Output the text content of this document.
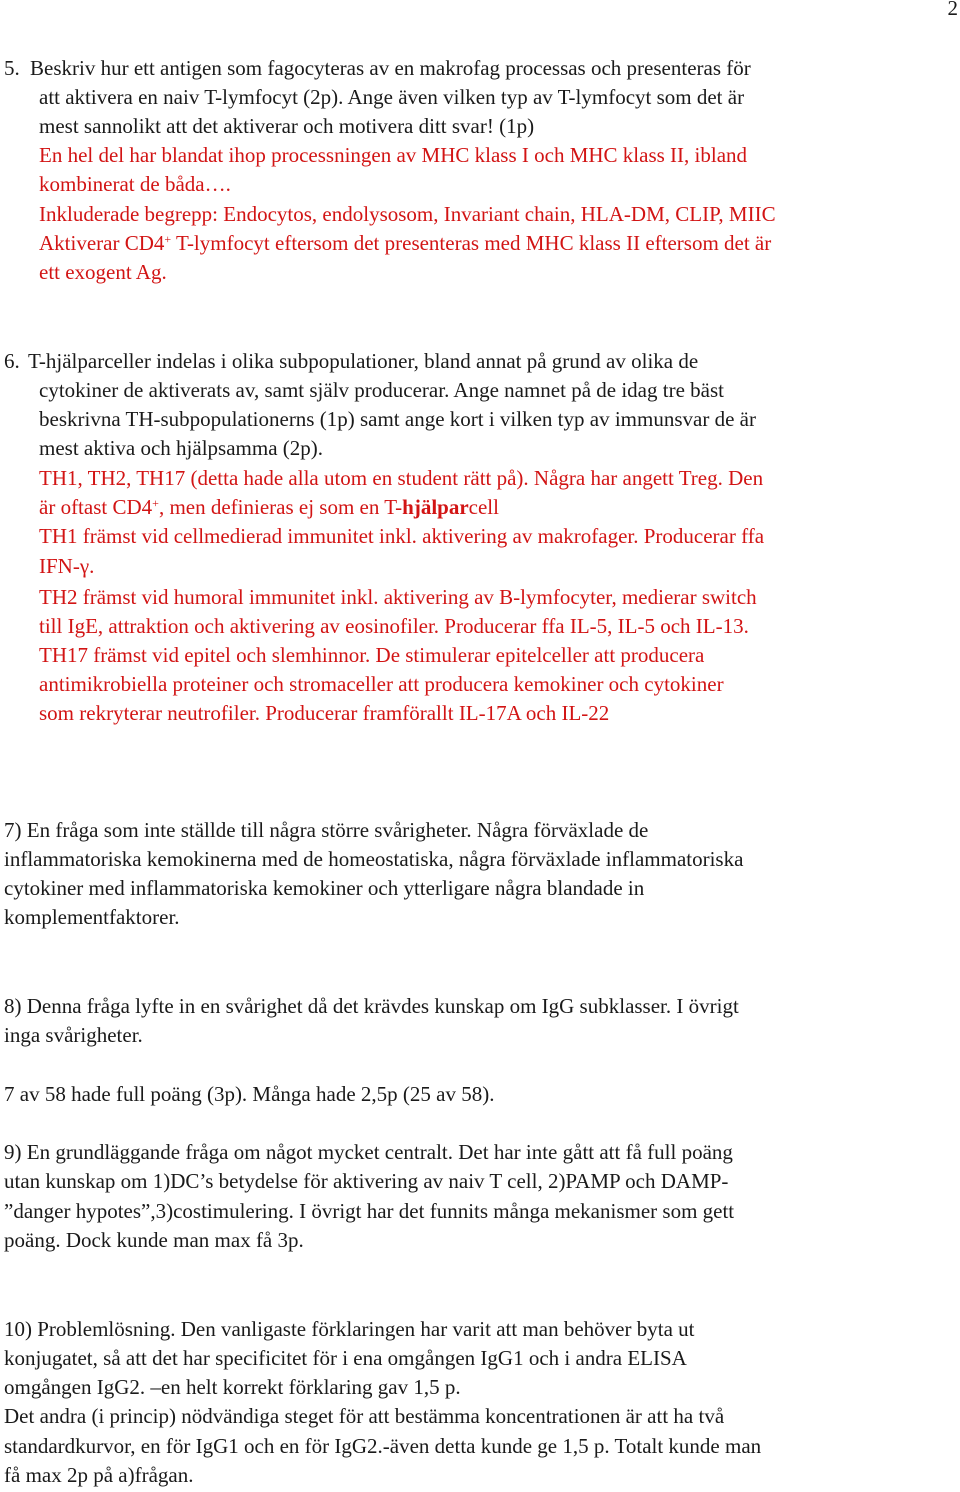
2
5. Beskriv hur ett antigen som fagocyteras av en makrofag processas och presenteras för
att aktivera en naiv T-lymfocyt (2p). Ange även vilken typ av T-lymfocyt som det är
mest sannolikt att det aktiverar och motivera ditt svar! (1p)
En hel del har blandat ihop processningen av MHC klass I och MHC klass II, ibland
kombinerat de båda….
Inkluderade begrepp: Endocytos, endolysosom, Invariant chain, HLA-DM, CLIP, MIIC
Aktiverar CD4+ T-lymfocyt eftersom det presenteras med MHC klass II eftersom det är
ett exogent Ag.
6. T-hjälparceller indelas i olika subpopulationer, bland annat på grund av olika de
cytokiner de aktiverats av, samt själv producerar. Ange namnet på de idag tre bäst
beskrivna TH-subpopulationerns (1p) samt ange kort i vilken typ av immunsvar de är
mest aktiva och hjälpsamma (2p).
TH1, TH2, TH17 (detta hade alla utom en student rätt på). Några har angett Treg. Den
är oftast CD4+, men definieras ej som en T-hjälparcell
TH1 främst vid cellmedierad immunitet inkl. aktivering av makrofager. Producerar ffa
IFN-γ.
TH2 främst vid humoral immunitet inkl. aktivering av B-lymfocyter, medierar switch
till IgE, attraktion och aktivering av eosinofiler. Producerar ffa IL-5, IL-5 och IL-13.
TH17 främst vid epitel och slemhinnor. De stimulerar epitelceller att producera
antimikrobiella proteiner och stromaceller att producera kemokiner och cytokiner
som rekryterar neutrofiler. Producerar framförallt IL-17A och IL-22
7) En fråga som inte ställde till några större svårigheter. Några förväxlade de
inflammatoriska kemokinerna med de homeostatiska, några förväxlade inflammatoriska
cytokiner med inflammatoriska kemokiner och ytterligare några blandade in
komplementfaktorer.
8) Denna fråga lyfte in en svårighet då det krävdes kunskap om IgG subklasser. I övrigt
inga svårigheter.
7 av 58 hade full poäng (3p). Många hade 2,5p (25 av 58).
9) En grundläggande fråga om något mycket centralt. Det har inte gått att få full poäng
utan kunskap om 1)DC’s betydelse för aktivering av naiv T cell, 2)PAMP och DAMP-
”danger hypotes”,3)costimulering. I övrigt har det funnits många mekanismer som gett
poäng. Dock kunde man max få 3p.
10) Problemlösning. Den vanligaste förklaringen har varit att man behöver byta ut
konjugatet, så att det har specificitet för i ena omgången IgG1 och i andra ELISA
omgången IgG2. –en helt korrekt förklaring gav 1,5 p.
Det andra (i princip) nödvändiga steget för att bestämma koncentrationen är att ha två
standardkurvor, en för IgG1 och en för IgG2.-även detta kunde ge 1,5 p. Totalt kunde man
få max 2p på a)frågan.
